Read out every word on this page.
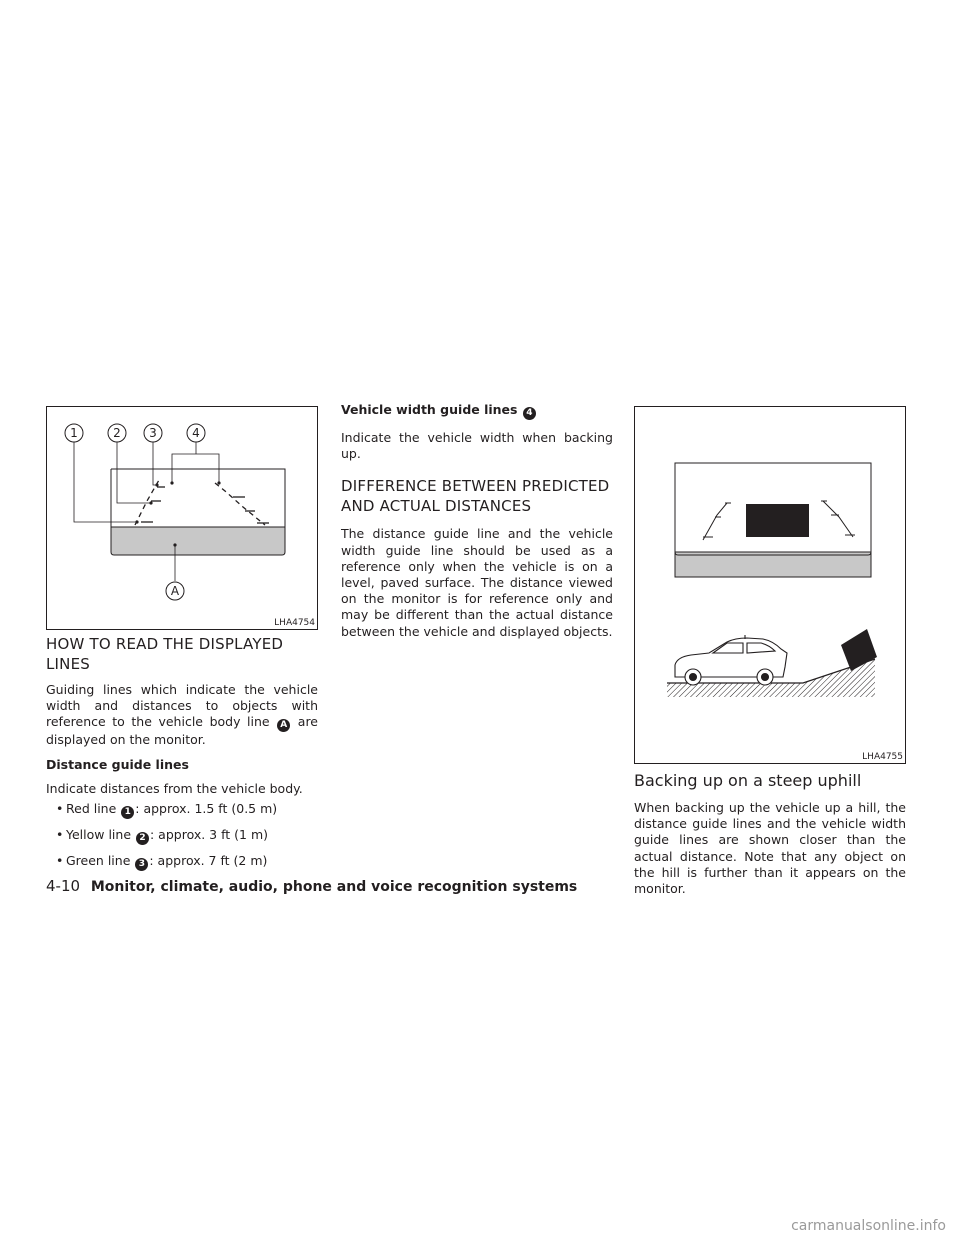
1	2 3	4
A
LHA4754
HOW TO READ THE DISPLAYED LINES

Guiding lines which indicate the vehicle width and distances to objects with reference to the vehicle body line A are displayed on the monitor.

Distance guide lines

Indicate distances from the vehicle body.

• Red line 1 : approx. 1.5 ft (0.5 m)
• Yellow line 2 : approx. 3 ft (1 m)
• Green line 3 : approx. 7 ft (2 m)

Vehicle width guide lines 4

Indicate the vehicle width when backing up.

DIFFERENCE BETWEEN PREDICTED AND ACTUAL DISTANCES

The distance guide line and the vehicle width guide line should be used as a reference only when the vehicle is on a level, paved surface. The distance viewed on the monitor is for reference only and may be different than the actual distance between the vehicle and displayed objects.

LHA4755
Backing up on a steep uphill

When backing up the vehicle up a hill, the distance guide lines and the vehicle width guide lines are shown closer than the actual distance. Note that any object on the hill is further than it appears on the monitor.

4-10 Monitor, climate, audio, phone and voice recognition systems
carmanualsonline.info
